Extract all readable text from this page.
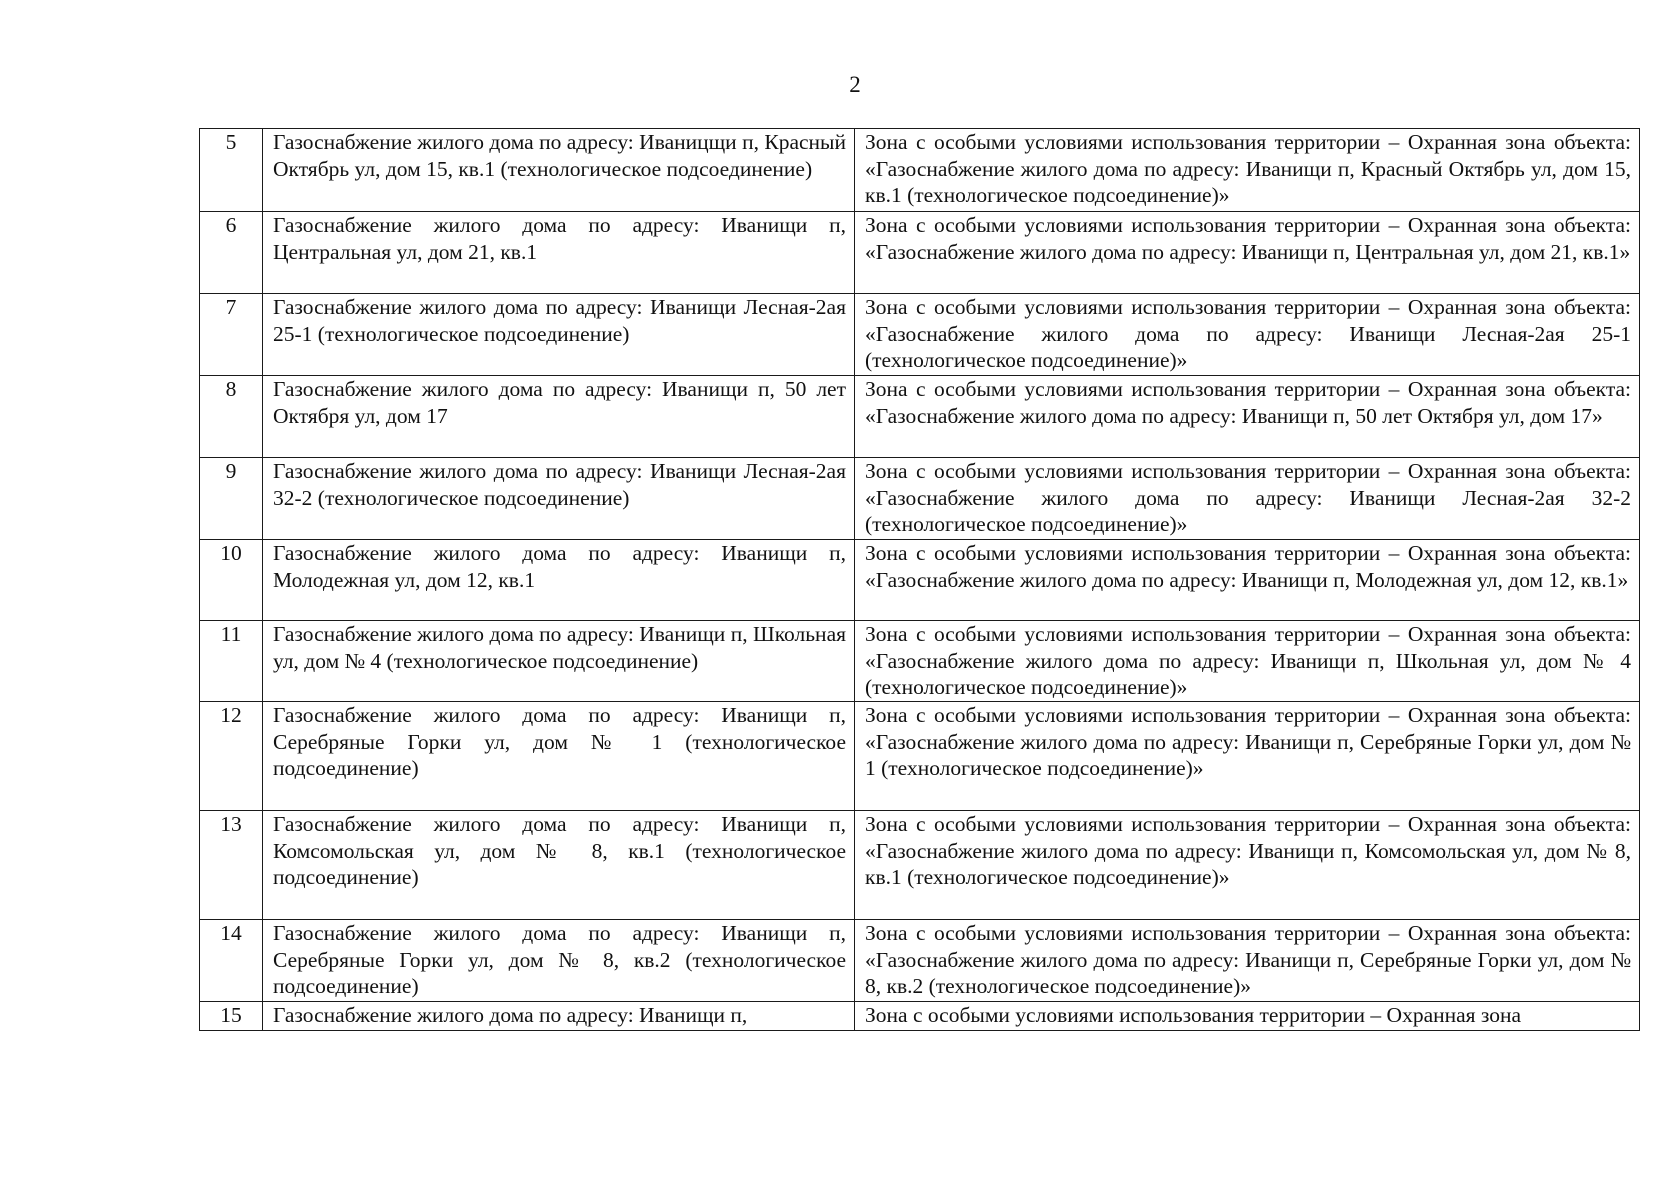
2
5	Газоснабжение жилого дома по адресу: Иваницщи п, Красный Октябрь ул, дом 15, кв.1 (технологическое подсоединение)	Зона с особыми условиями использования территории – Охранная зона объекта: «Газоснабжение жилого дома по адресу: Иванищи п, Красный Октябрь ул, дом 15, кв.1 (технологическое подсоединение)»
6	Газоснабжение жилого дома по адресу: Иванищи п, Центральная ул, дом 21, кв.1	Зона с особыми условиями использования территории – Охранная зона объекта: «Газоснабжение жилого дома по адресу: Иванищи п, Центральная ул, дом 21, кв.1»
7	Газоснабжение жилого дома по адресу: Иванищи Лесная-2ая 25-1 (технологическое подсоединение)	Зона с особыми условиями использования территории – Охранная зона объекта: «Газоснабжение жилого дома по адресу: Иванищи Лесная-2ая 25-1 (технологическое подсоединение)»
8	Газоснабжение жилого дома по адресу: Иванищи п, 50 лет Октября ул, дом 17	Зона с особыми условиями использования территории – Охранная зона объекта: «Газоснабжение жилого дома по адресу: Иванищи п, 50 лет Октября ул, дом 17»
9	Газоснабжение жилого дома по адресу: Иванищи Лесная-2ая 32-2 (технологическое подсоединение)	Зона с особыми условиями использования территории – Охранная зона объекта: «Газоснабжение жилого дома по адресу: Иванищи Лесная-2ая 32-2 (технологическое подсоединение)»
10	Газоснабжение жилого дома по адресу: Иванищи п, Молодежная ул, дом 12, кв.1	Зона с особыми условиями использования территории – Охранная зона объекта: «Газоснабжение жилого дома по адресу: Иванищи п, Молодежная ул, дом 12, кв.1»
11	Газоснабжение жилого дома по адресу: Иванищи п, Школьная ул, дом № 4 (технологическое подсоединение)	Зона с особыми условиями использования территории – Охранная зона объекта: «Газоснабжение жилого дома по адресу: Иванищи п, Школьная ул, дом № 4 (технологическое подсоединение)»
12	Газоснабжение жилого дома по адресу: Иванищи п, Серебряные Горки ул, дом № 1 (технологическое подсоединение)	Зона с особыми условиями использования территории – Охранная зона объекта: «Газоснабжение жилого дома по адресу: Иванищи п, Серебряные Горки ул, дом № 1 (технологическое подсоединение)»
13	Газоснабжение жилого дома по адресу: Иванищи п, Комсомольская ул, дом № 8, кв.1 (технологическое подсоединение)	Зона с особыми условиями использования территории – Охранная зона объекта: «Газоснабжение жилого дома по адресу: Иванищи п, Комсомольская ул, дом № 8, кв.1 (технологическое подсоединение)»
14	Газоснабжение жилого дома по адресу: Иванищи п, Серебряные Горки ул, дом № 8, кв.2 (технологическое подсоединение)	Зона с особыми условиями использования территории – Охранная зона объекта: «Газоснабжение жилого дома по адресу: Иванищи п, Серебряные Горки ул, дом № 8, кв.2 (технологическое подсоединение)»
15	Газоснабжение жилого дома по адресу: Иванищи п,	Зона с особыми условиями использования территории – Охранная зона
